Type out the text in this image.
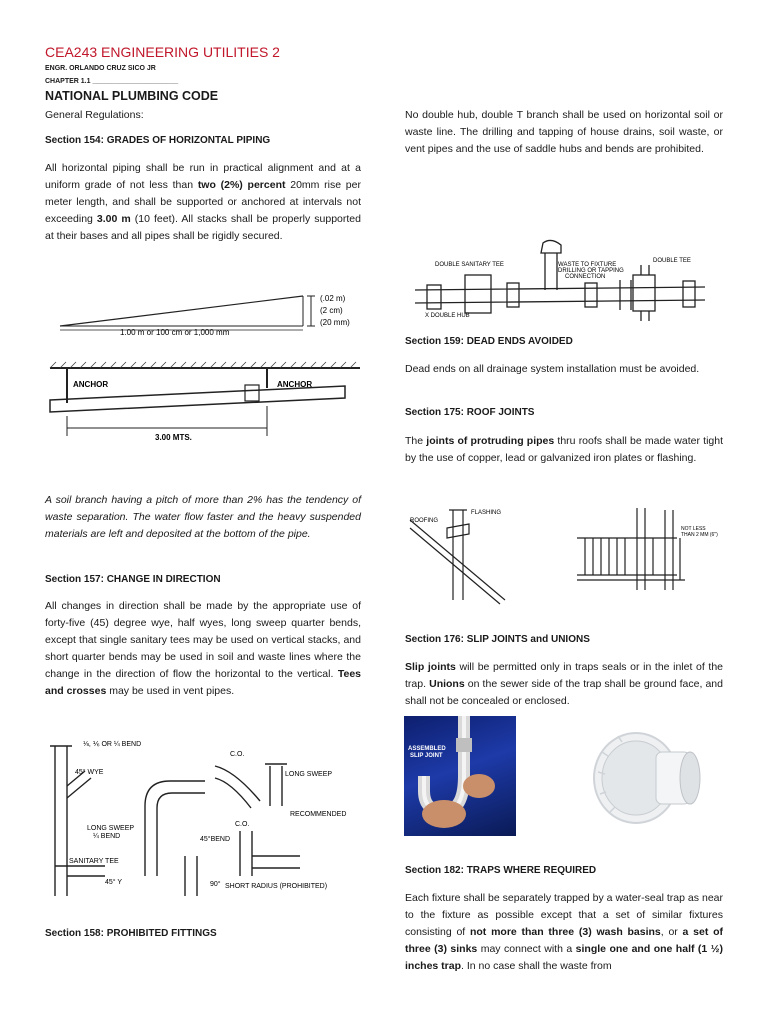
CEA243 ENGINEERING UTILITIES 2
ENGR. ORLANDO CRUZ SICO JR
CHAPTER 1.1 ______________________
NATIONAL PLUMBING CODE
General Regulations:
Section 154: GRADES OF HORIZONTAL PIPING
All horizontal piping shall be run in practical alignment and at a uniform grade of not less than two (2%) percent 20mm rise per meter length, and shall be supported or anchored at intervals not exceeding 3.00 m (10 feet). All stacks shall be properly supported at their bases and all pipes shall be rigidly secured.
(.02 m)
(2 cm)
(20 mm)
1.00 m or 100 cm or 1,000 mm
ANCHOR	ANCHOR
3.00 MTS.
A soil branch having a pitch of more than 2% has the tendency of waste separation. The water flow faster and the heavy suspended materials are left and deposited at the bottom of the pipe.
Section 157: CHANGE IN DIRECTION
All changes in direction shall be made by the appropriate use of forty-five (45) degree wye, half wyes, long sweep quarter bends, except that single sanitary tees may be used on vertical stacks, and short quarter bends may be used in soil and waste lines where the change in the direction of flow the horizontal to the vertical. Tees and crosses may be used in vent pipes.
⅛, ⅙ OR ¼ BEND
45° WYE
C.O.
LONG SWEEP
RECOMMENDED
LONG SWEEP
¼ BEND
C.O.
45°BEND
SANITARY TEE
45° Y	90° SHORT RADIUS (PROHIBITED)
Section 158: PROHIBITED FITTINGS
No double hub, double T branch shall be used on horizontal soil or waste line. The drilling and tapping of house drains, soil waste, or vent pipes and the use of saddle hubs and bends are prohibited.
DOUBLE SANITARY TEE	WASTE TO FIXTURE
DRILLING OR TAPPING
CONNECTION
DOUBLE TEE
X DOUBLE HUB
Section 159: DEAD ENDS AVOIDED
Dead ends on all drainage system installation must be avoided.
Section 175: ROOF JOINTS
The joints of protruding pipes thru roofs shall be made water tight by the use of copper, lead or galvanized iron plates or flashing.
ROOFING
FLASHING
NOT LESS
THAN 2 MM (6")
Section 176: SLIP JOINTS and UNIONS
Slip joints will be permitted only in traps seals or in the inlet of the trap. Unions on the sewer side of the trap shall be ground face, and shall not be concealed or enclosed.
ASSEMBLED
SLIP JOINT
Section 182: TRAPS WHERE REQUIRED
Each fixture shall be separately trapped by a water-seal trap as near to the fixture as possible except that a set of similar fixtures consisting of not more than three (3) wash basins, or a set of three (3) sinks may connect with a single one and one half (1 ½) inches trap. In no case shall the waste from
